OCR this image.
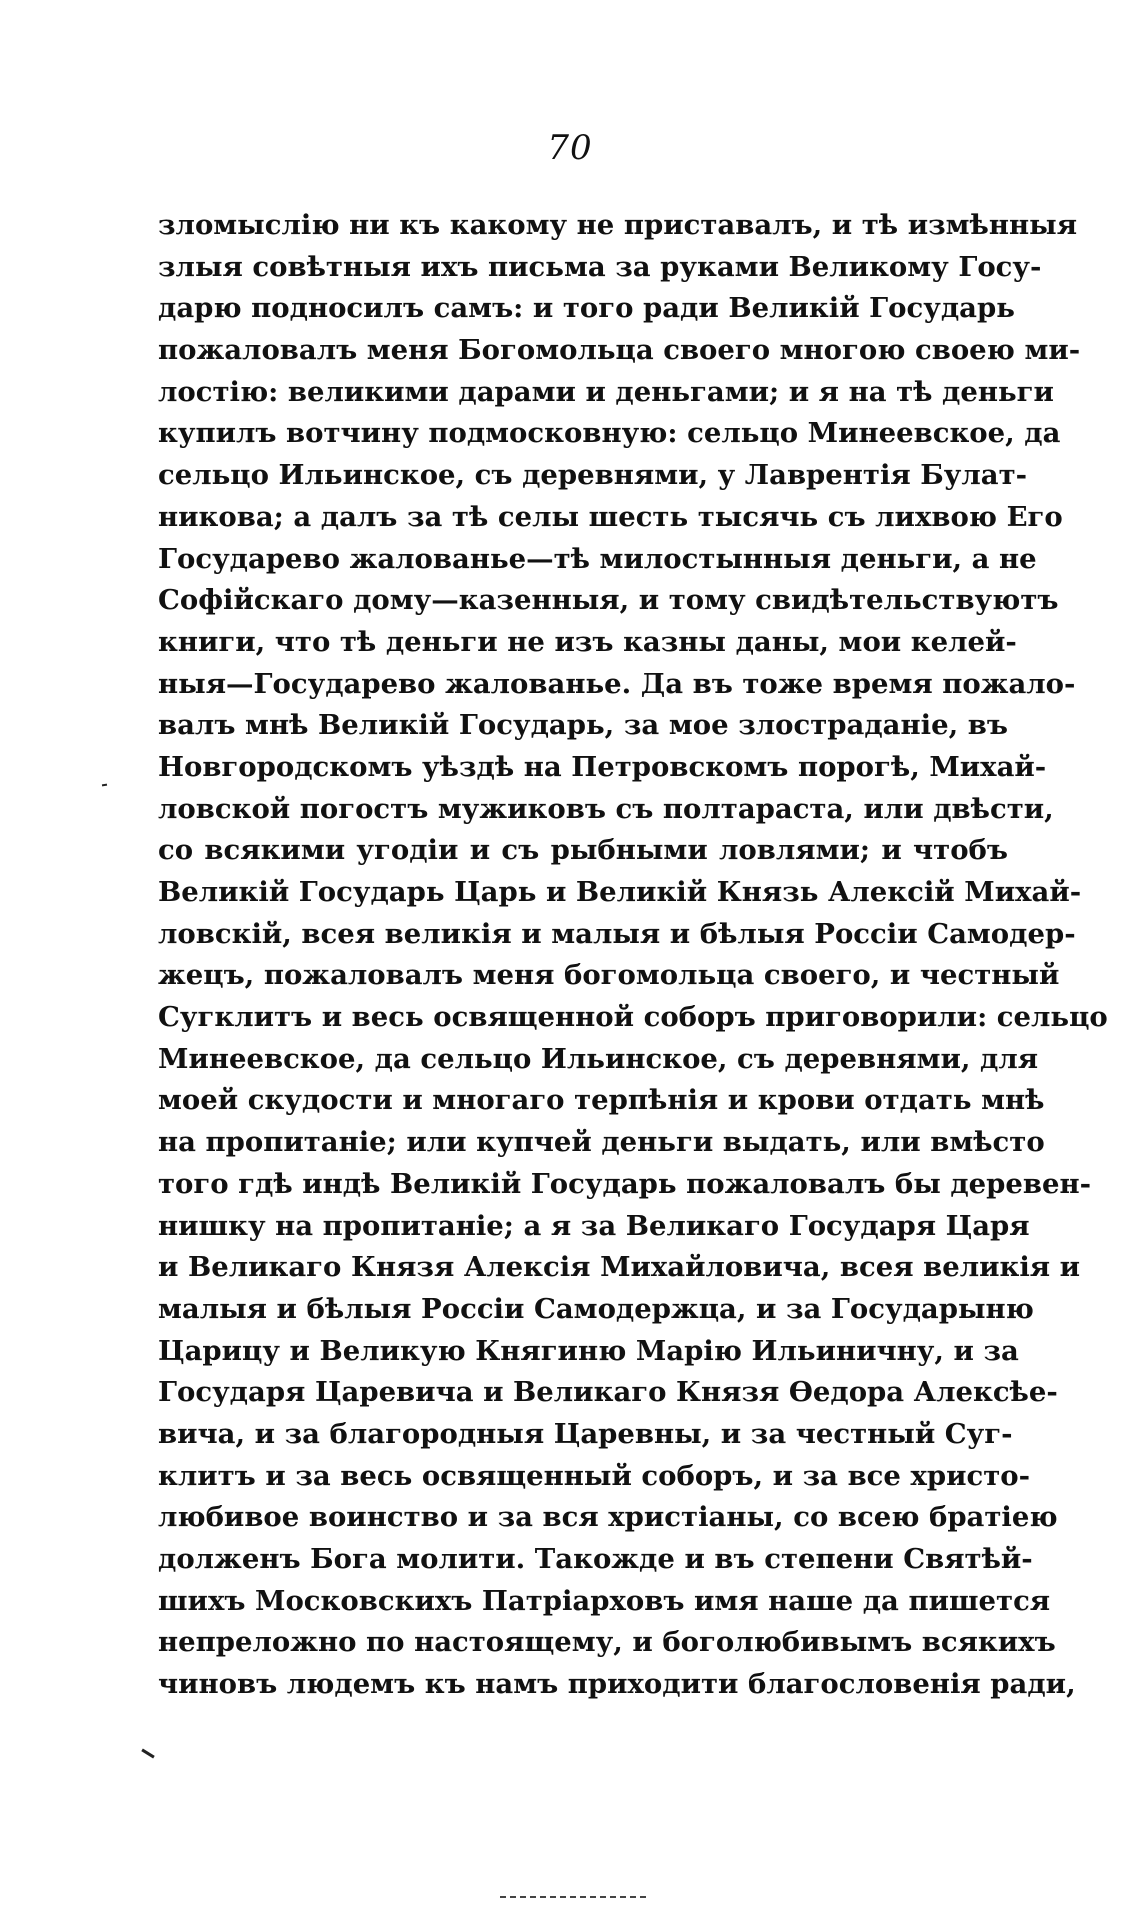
70
зломыслію ни къ какому не приставалъ, и тѣ измѣнныя
злыя совѣтныя ихъ письма за руками Великому Госу-
дарю подносилъ самъ: и того ради Великій Государь
пожаловалъ меня Богомольца своего многою своею ми-
лостію: великими дарами и деньгами; и я на тѣ деньги
купилъ вотчину подмосковную: сельцо Минеевское, да
сельцо Ильинское, съ деревнями, у Лаврентія Булат-
никова; а далъ за тѣ селы шесть тысячь съ лихвою Его
Государево жалованье—тѣ милостынныя деньги, а не
Софійскаго дому—казенныя, и тому свидѣтельствуютъ
книги, что тѣ деньги не изъ казны даны, мои келей-
ныя—Государево жалованье. Да въ тоже время пожало-
валъ мнѣ Великій Государь, за мое злостраданіе, въ
Новгородскомъ уѣздѣ на Петровскомъ порогѣ, Михай-
ловской погостъ мужиковъ съ полтараста, или двѣсти,
со всякими угодіи и съ рыбными ловлями; и чтобъ
Великій Государь Царь и Великій Князь Алексій Михай-
ловскій, всея великія и малыя и бѣлыя Россіи Самодер-
жецъ, пожаловалъ меня богомольца своего, и честный
Сугклитъ и весь освященной соборъ приговорили: сельцо
Минеевское, да сельцо Ильинское, съ деревнями, для
моей скудости и многаго терпѣнія и крови отдать мнѣ
на пропитаніе; или купчей деньги выдать, или вмѣсто
того гдѣ индѣ Великій Государь пожаловалъ бы деревен-
нишку на пропитаніе; а я за Великаго Государя Царя
и Великаго Князя Алексія Михайловича, всея великія и
малыя и бѣлыя Россіи Самодержца, и за Государыню
Царицу и Великую Княгиню Марію Ильиничну, и за
Государя Царевича и Великаго Князя Ѳедора Алексѣе-
вича, и за благородныя Царевны, и за честный Суг-
клитъ и за весь освященный соборъ, и за все христо-
любивое воинство и за вся христіаны, со всею братіею
долженъ Бога молити. Такожде и въ степени Святѣй-
шихъ Московскихъ Патріарховъ имя наше да пишется
непреложно по настоящему, и боголюбивымъ всякихъ
чиновъ людемъ къ намъ приходити благословенія ради,
